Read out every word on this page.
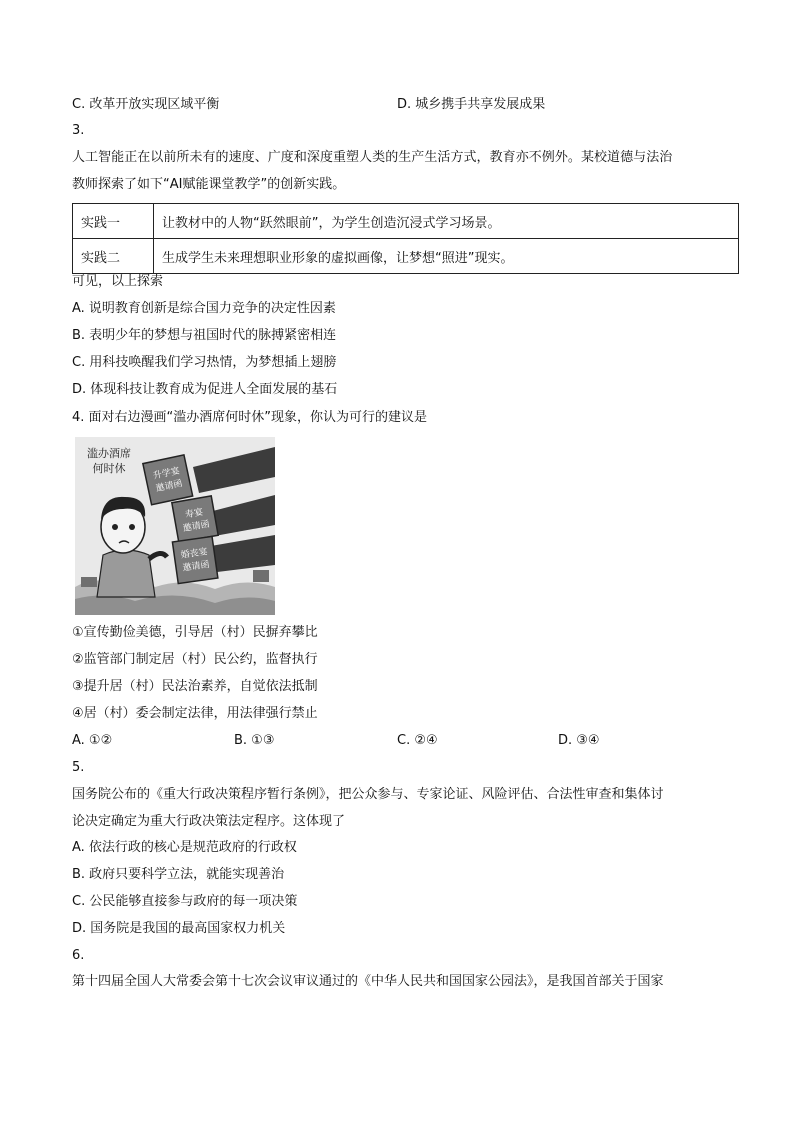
C. 改革开放实现区域平衡	D. 城乡携手共享发展成果
3.
人工智能正在以前所未有的速度、广度和深度重塑人类的生产生活方式，教育亦不例外。某校道德与法治
教师探索了如下“AI赋能课堂教学”的创新实践。
实践一	让教材中的人物“跃然眼前”，为学生创造沉浸式学习场景。
实践二	生成学生未来理想职业形象的虚拟画像，让梦想“照进”现实。
可见，以上探索
A. 说明教育创新是综合国力竞争的决定性因素
B. 表明少年的梦想与祖国时代的脉搏紧密相连
C. 用科技唤醒我们学习热情，为梦想插上翅膀
D. 体现科技让教育成为促进人全面发展的基石
4. 面对右边漫画“滥办酒席何时休”现象，你认为可行的建议是
滥办酒席
何时休	升学宴
邀请函
寿宴
邀请函
婚丧宴
邀请函
①宣传勤俭美德，引导居（村）民摒弃攀比
②监管部门制定居（村）民公约，监督执行
③提升居（村）民法治素养，自觉依法抵制
④居（村）委会制定法律，用法律强行禁止
A. ①②	B. ①③	C. ②④	D. ③④
5.
国务院公布的《重大行政决策程序暂行条例》，把公众参与、专家论证、风险评估、合法性审查和集体讨
论决定确定为重大行政决策法定程序。这体现了
A. 依法行政的核心是规范政府的行政权
B. 政府只要科学立法，就能实现善治
C. 公民能够直接参与政府的每一项决策
D. 国务院是我国的最高国家权力机关
6.
第十四届全国人大常委会第十七次会议审议通过的《中华人民共和国国家公园法》，是我国首部关于国家
